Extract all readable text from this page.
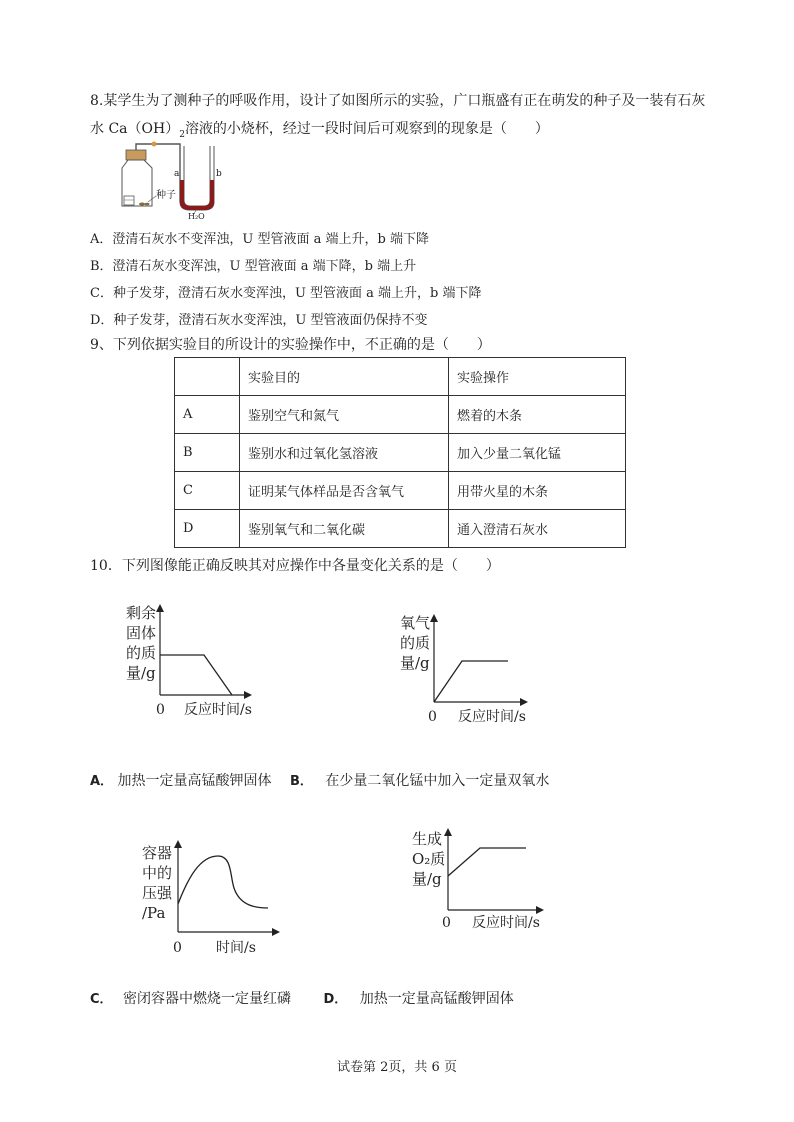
8.某学生为了测种子的呼吸作用，设计了如图所示的实验，广口瓶盛有正在萌发的种子及一装有石灰
水 $Ca(OH)_2$溶液的小烧杯，经过一段时间后可观察到的现象是（　　）
a	b
种子
H₂O
A．澄清石灰水不变浑浊，U 型管液面 a 端上升，b 端下降
B．澄清石灰水变浑浊，U 型管液面 a 端下降，b 端上升
C．种子发芽，澄清石灰水变浑浊，U 型管液面 a 端上升，b 端下降
D．种子发芽，澄清石灰水变浑浊，U 型管液面仍保持不变
9、下列依据实验目的所设计的实验操作中，不正确的是（　　）
	实验目的	实验操作
A	鉴别空气和氮气	燃着的木条
B	鉴别水和过氧化氢溶液	加入少量二氧化锰
C	证明某气体样品是否含氧气	用带火星的木条
D	鉴别氧气和二氧化碳	通入澄清石灰水
10．下列图像能正确反映其对应操作中各量变化关系的是（　　）
剩余
固体
的质
量/g
0 反应时间/s
氧气
的质
量/g
0 反应时间/s
A． 加热一定量高锰酸钾固体 B． 在少量二氧化锰中加入一定量双氧水
容器
中的
压强
/Pa
0 时间/s
生成
O₂质
量/g
0 反应时间/s
C． 密闭容器中燃烧一定量红磷 D． 加热一定量高锰酸钾固体
试卷第 2页，共 6 页
